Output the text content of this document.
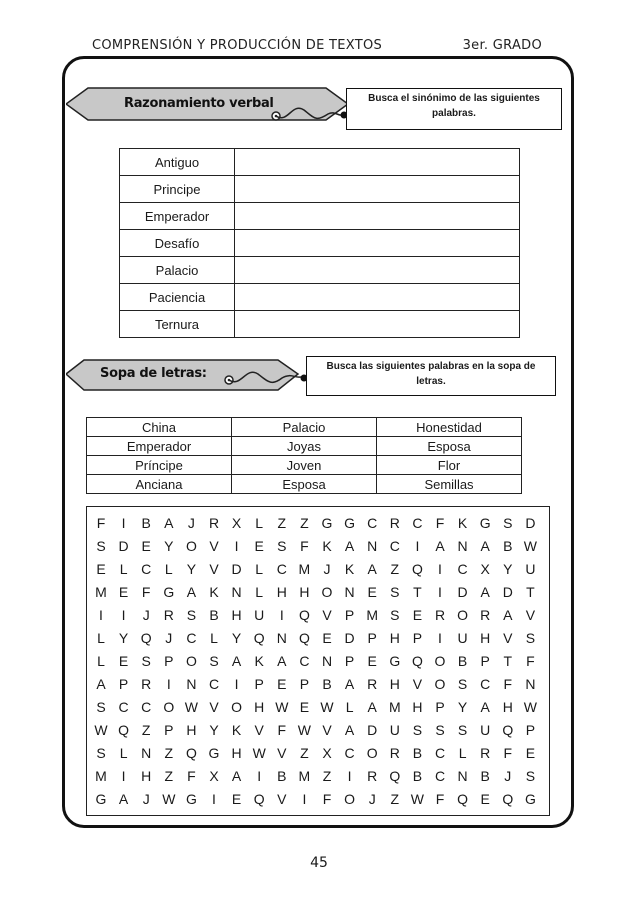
COMPRENSIÓN Y PRODUCCIÓN DE TEXTOS	3er. GRADO
Razonamiento verbal	Busca el sinónimo de las siguientes palabras.
Antiguo	
Principe	
Emperador	
Desafío	
Palacio	
Paciencia	
Ternura	
Sopa de letras:	Busca las siguientes palabras en la sopa de letras.
China	Palacio	Honestidad
Emperador	Joyas	Esposa
Príncipe	Joven	Flor
Anciana	Esposa	Semillas
F	I	B A	J	R X	L	Z	Z G G C R C F K G S D
S D E Y O V	I	E S F K A N C	I	A N A B W
E	L C L	Y V D L C M J	K A Z Q	I	C X Y U
M E F G A K N L H H O N E S T	I	D A D T
I	I	J	R S B H U	I	Q V P M S E R O R A V
L	Y Q J	C L	Y Q N Q E D P H P	I	U H V S
L	E S P O S A K A C N P E G Q O B P T	F
A P R	I	N C	I	P E P B A R H V O S C F N
S C C O W V O H W E W L	A M H P Y A H W
W Q Z P H Y K V F W V A D U S S S U Q P
S	L N Z Q G H W V Z X C O R B C L R F E
M	I	H Z	F X A	I	B M Z	I	R Q B C N B	J	S
G A	J W G	I	E Q V	I	F O J	Z W F Q E Q G
45
